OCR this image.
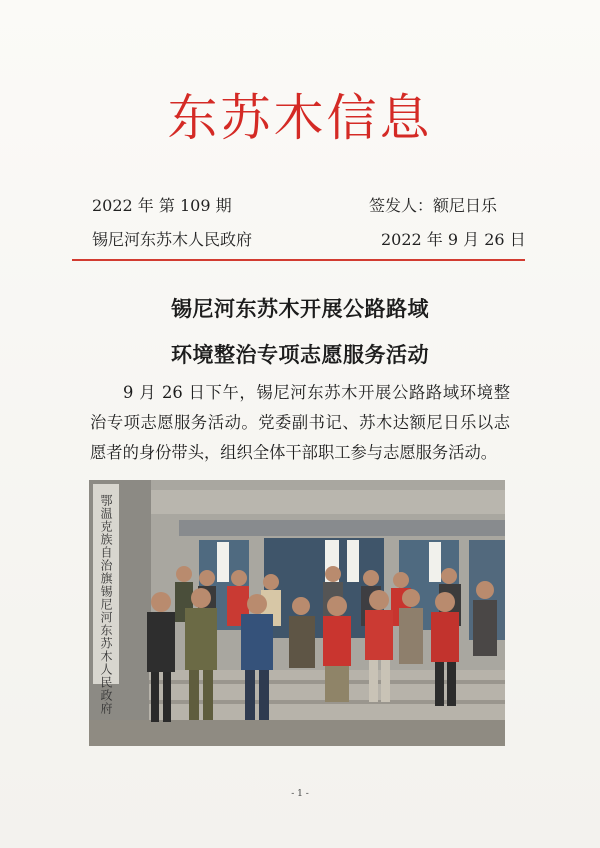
东苏木信息
2022 年 第 109 期	签发人：额尼日乐
锡尼河东苏木人民政府	2022 年 9 月 26 日
锡尼河东苏木开展公路路域
环境整治专项志愿服务活动
9 月 26 日下午，锡尼河东苏木开展公路路域环境整治专项志愿服务活动。党委副书记、苏木达额尼日乐以志愿者的身份带头，组织全体干部职工参与志愿服务活动。
鄂温克族自治旗锡尼河东苏木人民政府
- 1 -
